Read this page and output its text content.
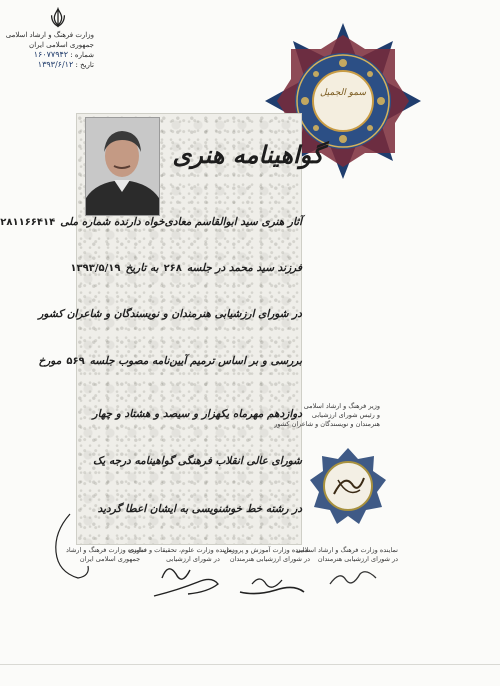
وزارت فرهنگ و ارشاد اسلامی
جمهوری اسلامی ایران
شماره : ۱۶۰۷۷۹۴۲
تاریخ : ۱۳۹۳/۶/۱۲
سمو الجمیل
گواهینامه هنری
آثار هنری سید ابوالقاسم معادی‌خواه دارنده شماره ملی۲۸۱۱۶۶۴۱۴
فرزند سید محمد در جلسه۲۶۸به تاریخ۱۳۹۳/۵/۱۹
در شورای ارزشیابی هنرمندان و نویسندگان و شاعران کشور
بررسی و بر اساس ترمیم آیین‌نامه مصوب جلسه۵۶۹مورخ
دوازدهم مهرماه یکهزار و سیصد و هشتاد و چهار
شورای عالی انقلاب فرهنگی گواهینامه درجه یک
در رشته خط خوشنویسی به ایشان اعطا گردید
وزیر فرهنگ و ارشاد اسلامی
و رئیس شورای ارزشیابی
هنرمندان و نویسندگان و شاعران کشور
نماینده وزارت فرهنگ و ارشاد اسلامی
در شورای ارزشیابی هنرمندان
نماینده وزارت آموزش و پرورش
در شورای ارزشیابی هنرمندان
نماینده وزارت علوم، تحقیقات و فناوری
در شورای ارزشیابی
نماینده وزارت فرهنگ و ارشاد
جمهوری اسلامی ایران
